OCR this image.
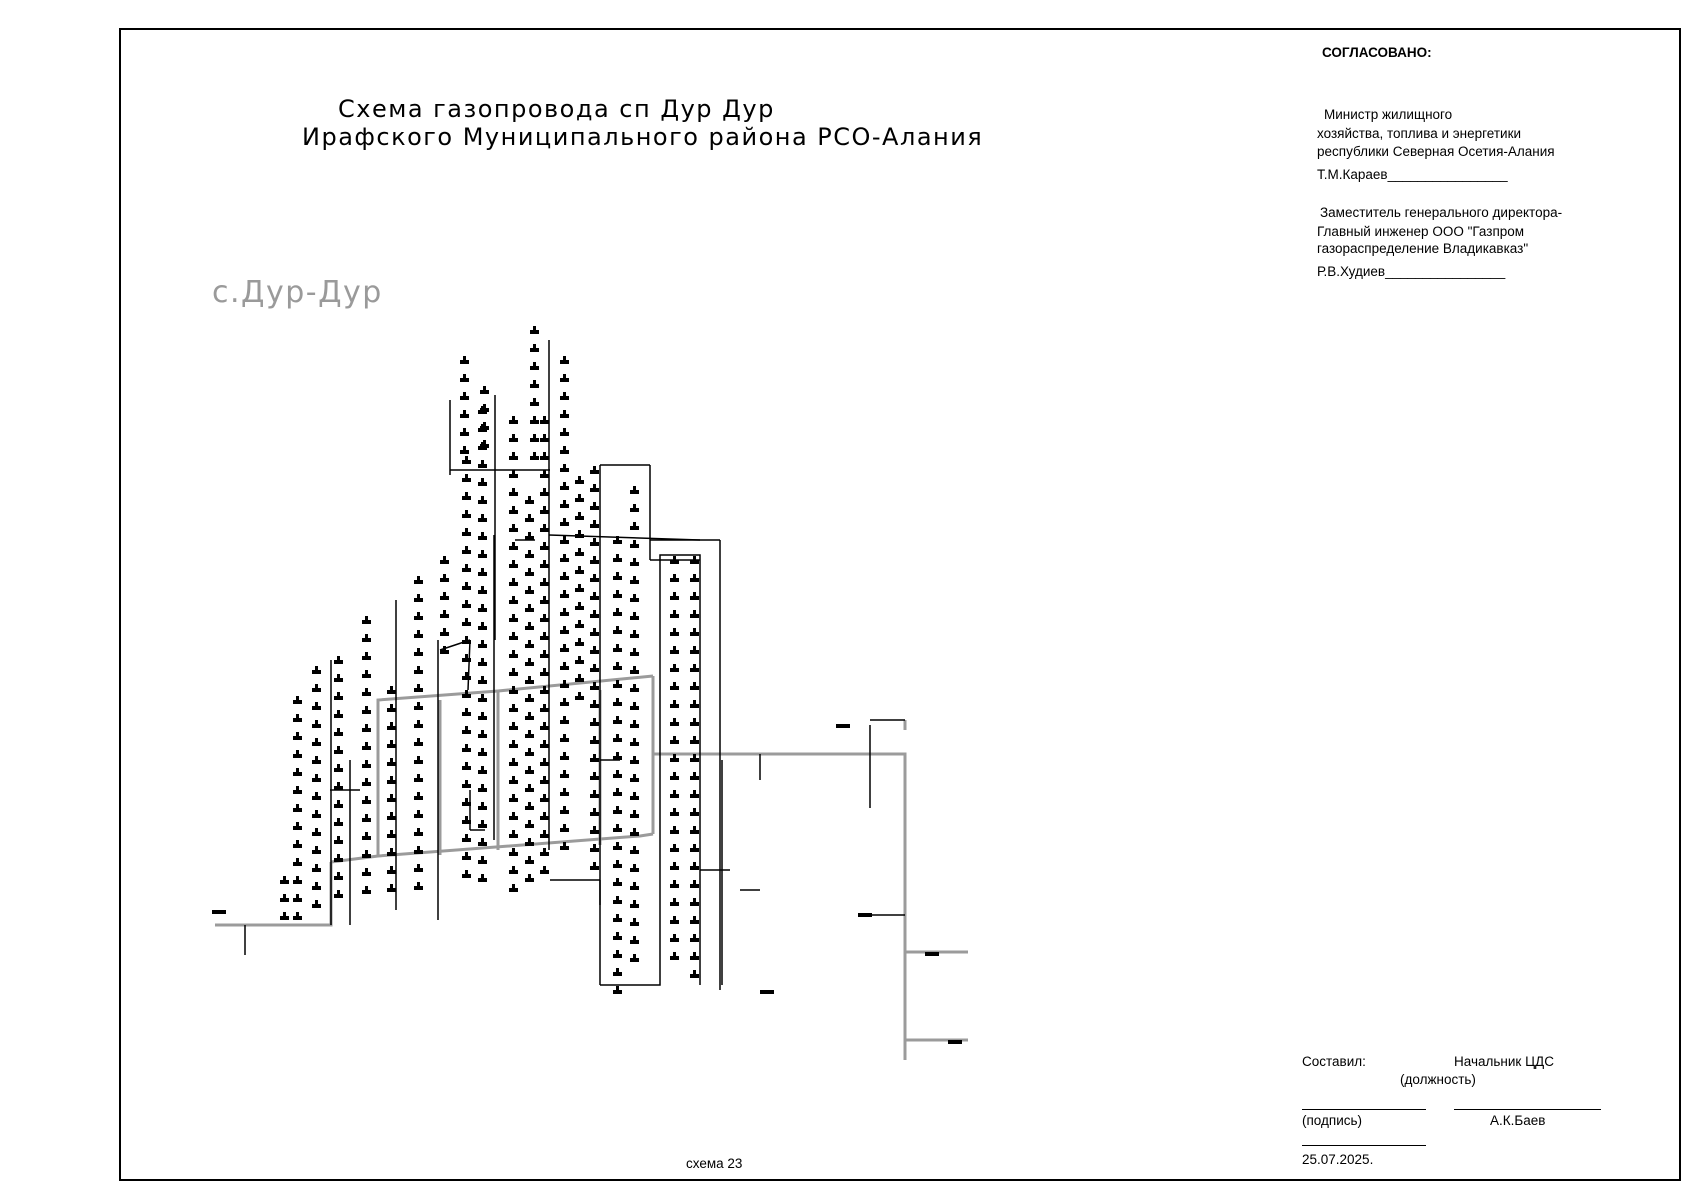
Схема газопровода сп Дур Дур
Ирафского Муниципального района РСО-Алания
с.Дур-Дур
СОГЛАСОВАНО:
Министр жилищного
хозяйства, топлива и энергетики
республики Северная Осетия-Алания
Т.М.Караев________________
Заместитель генерального директора-
Главный инженер ООО "Газпром
газораспределение Владикавказ"
Р.В.Худиев________________
Составил:	Начальник ЦДС
(должность)
(подпись)	А.К.Баев
25.07.2025.
схема 23
